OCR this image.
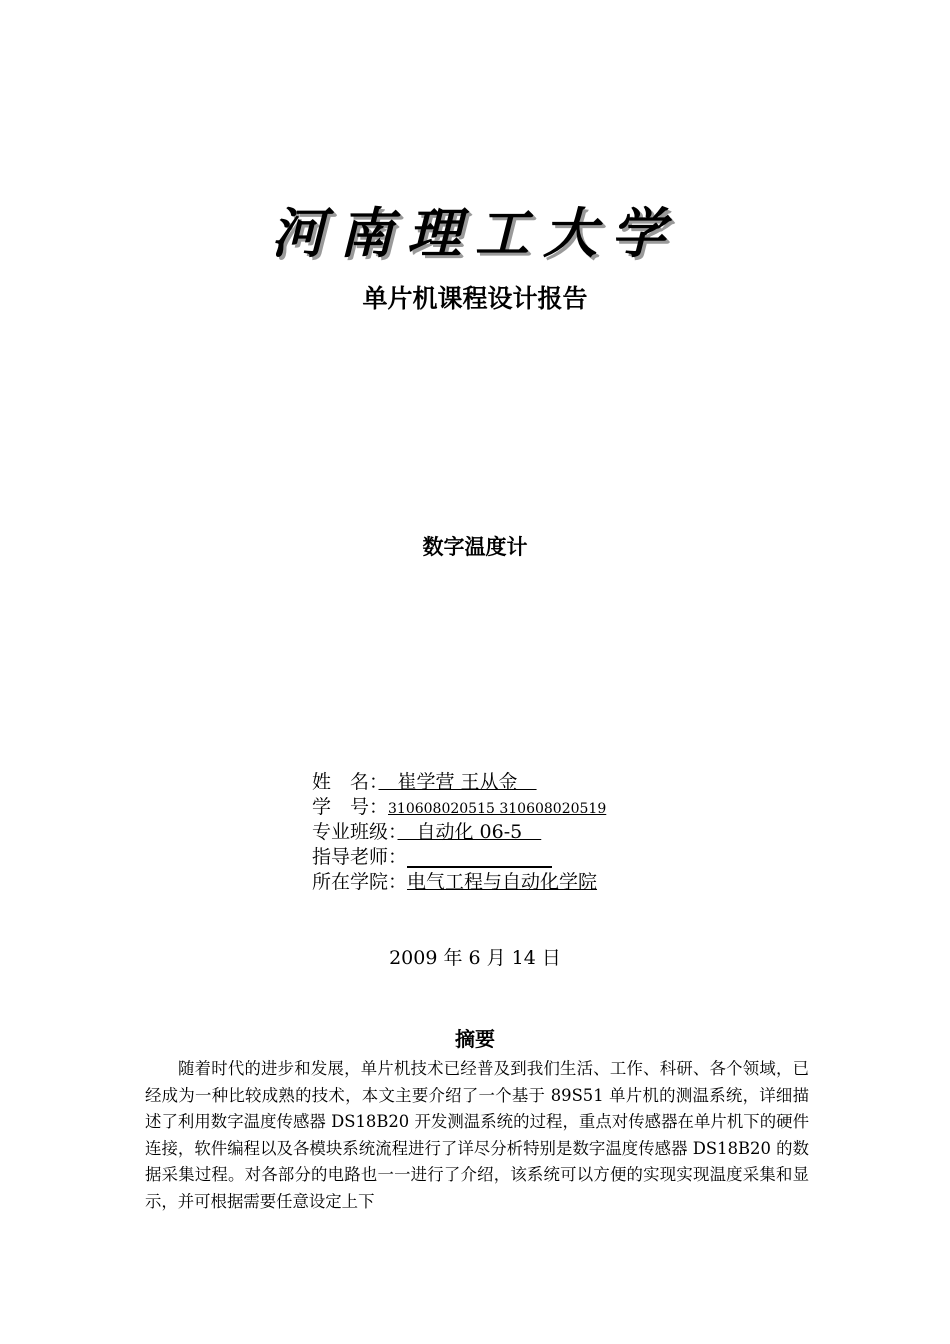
河南理工大学
单片机课程设计报告
数字温度计
姓　名：　崔学营 王从金　
学　号：310608020515 310608020519
专业班级：　自动化 06-5　
指导老师：
所在学院：电气工程与自动化学院
2009 年 6 月 14 日
摘要
随着时代的进步和发展，单片机技术已经普及到我们生活、工作、科研、各个领域，已经成为一种比较成熟的技术，本文主要介绍了一个基于 89S51 单片机的测温系统，详细描述了利用数字温度传感器 DS18B20 开发测温系统的过程，重点对传感器在单片机下的硬件连接，软件编程以及各模块系统流程进行了详尽分析特别是数字温度传感器 DS18B20 的数据采集过程。对各部分的电路也一一进行了介绍，该系统可以方便的实现实现温度采集和显示，并可根据需要任意设定上下
